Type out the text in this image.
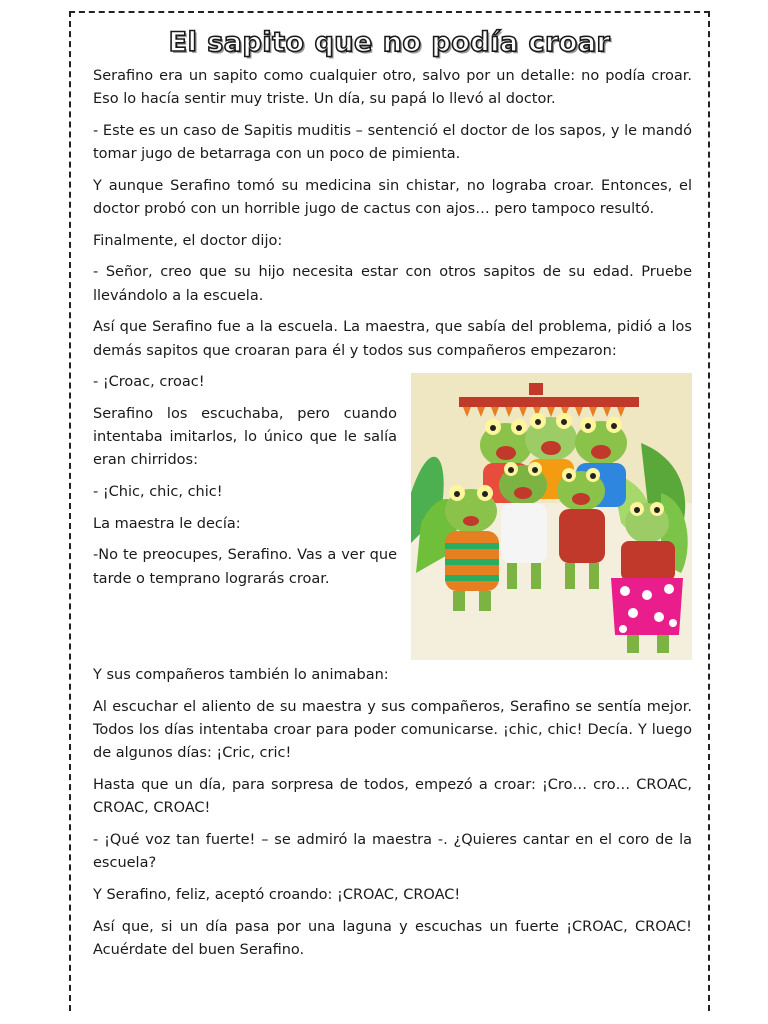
El sapito que no podía croar

Serafino era un sapito como cualquier otro, salvo por un detalle: no podía croar. Eso lo hacía sentir muy triste. Un día, su papá lo llevó al doctor.

- Este es un caso de Sapitis muditis – sentenció el doctor de los sapos, y le mandó tomar jugo de betarraga con un poco de pimienta.

Y aunque Serafino tomó su medicina sin chistar, no lograba croar. Entonces, el doctor probó con un horrible jugo de cactus con ajos… pero tampoco resultó.

Finalmente, el doctor dijo:

- Señor, creo que su hijo necesita estar con otros sapitos de su edad. Pruebe llevándolo a la escuela.

Así que Serafino fue a la escuela. La maestra, que sabía del problema, pidió a los demás sapitos que croaran para él y todos sus compañeros empezaron:

- ¡Croac, croac!

Serafino los escuchaba, pero cuando intentaba imitarlos, lo único que le salía eran chirridos:

- ¡Chic, chic, chic!

La maestra le decía:

-No te preocupes, Serafino. Vas a ver que tarde o temprano lograrás croar.

Y sus compañeros también lo animaban:

Al escuchar el aliento de su maestra y sus compañeros, Serafino se sentía mejor. Todos los días intentaba croar para poder comunicarse. ¡chic, chic! Decía. Y luego de algunos días: ¡Cric, cric!

Hasta que un día, para sorpresa de todos, empezó a croar: ¡Cro… cro… CROAC, CROAC, CROAC!

- ¡Qué voz tan fuerte! – se admiró la maestra -. ¿Quieres cantar en el coro de la escuela?

Y Serafino, feliz, aceptó croando: ¡CROAC, CROAC!

Así que, si un día pasa por una laguna y escuchas un fuerte ¡CROAC, CROAC! Acuérdate del buen Serafino.
